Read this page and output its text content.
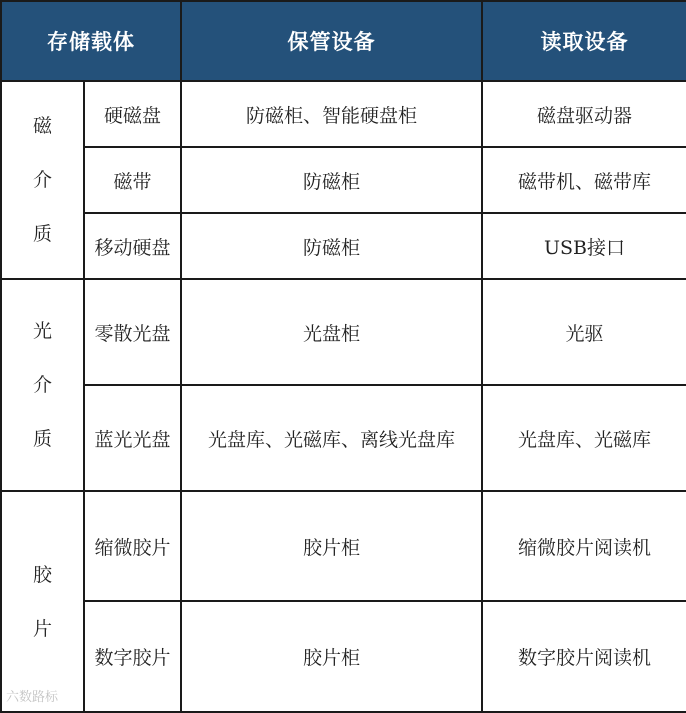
存储载体		保管设备	读取设备

磁
介
质	硬磁盘	防磁柜、智能硬盘柜	磁盘驱动器
	磁带	防磁柜	磁带机、磁带库
	移动硬盘	防磁柜	USB接口

光
介
质	零散光盘	光盘柜	光驱
	蓝光光盘	光盘库、光磁库、离线光盘库	光盘库、光磁库

胶
片	缩微胶片	胶片柜	缩微胶片阅读机
	数字胶片	胶片柜	数字胶片阅读机
六数路标
